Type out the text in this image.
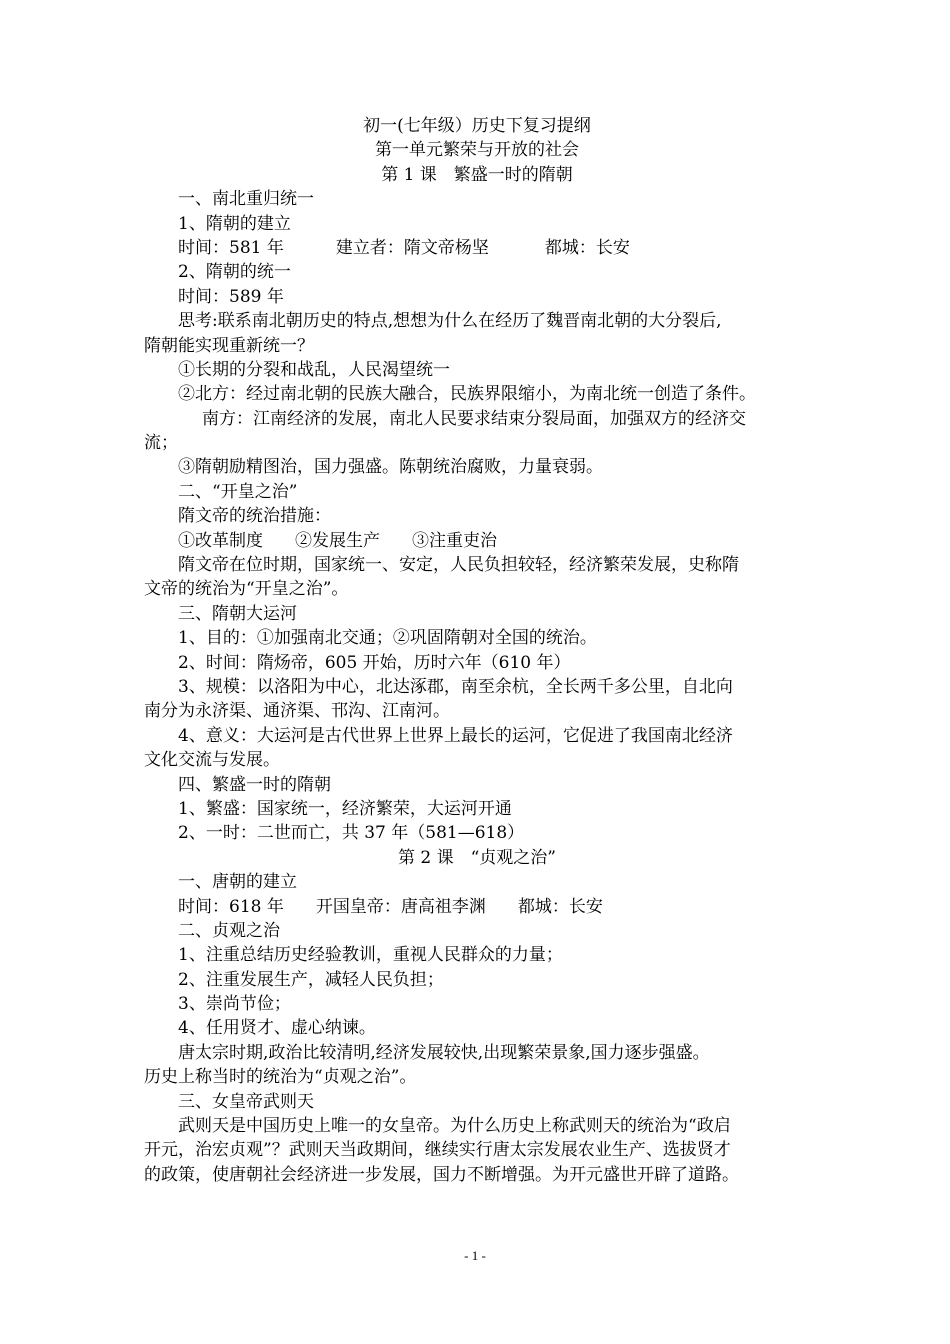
初一(七年级）历史下复习提纲
第一单元繁荣与开放的社会
第 1 课　繁盛一时的隋朝
一、南北重归统一
1、隋朝的建立
时间：581 年	建立者：隋文帝杨坚	都城：长安
2、隋朝的统一
时间：589 年
思考:联系南北朝历史的特点,想想为什么在经历了魏晋南北朝的大分裂后,
隋朝能实现重新统一？
①长期的分裂和战乱，人民渴望统一
②北方：经过南北朝的民族大融合，民族界限缩小，为南北统一创造了条件。
南方：江南经济的发展，南北人民要求结束分裂局面，加强双方的经济交
流；
③隋朝励精图治，国力强盛。陈朝统治腐败，力量衰弱。
二、“开皇之治”
隋文帝的统治措施：
①改革制度 ②发展生产 ③注重吏治
隋文帝在位时期，国家统一、安定，人民负担较轻，经济繁荣发展，史称隋
文帝的统治为“开皇之治”。
三、隋朝大运河
1、目的：①加强南北交通；②巩固隋朝对全国的统治。
2、时间：隋炀帝，605 开始，历时六年（610 年）
3、规模：以洛阳为中心，北达涿郡，南至余杭，全长两千多公里，自北向
南分为永济渠、通济渠、邗沟、江南河。
4、意义：大运河是古代世界上世界上最长的运河，它促进了我国南北经济
文化交流与发展。
四、繁盛一时的隋朝
1、繁盛：国家统一，经济繁荣，大运河开通
2、一时：二世而亡，共 37 年（581—618）
第 2 课　“贞观之治”
一、唐朝的建立
时间：618 年 开国皇帝：唐高祖李渊 都城：长安
二、贞观之治
1、注重总结历史经验教训，重视人民群众的力量；
2、注重发展生产，减轻人民负担；
3、崇尚节俭；
4、任用贤才、虚心纳谏。
唐太宗时期,政治比较清明,经济发展较快,出现繁荣景象,国力逐步强盛。
历史上称当时的统治为“贞观之治”。
三、女皇帝武则天
武则天是中国历史上唯一的女皇帝。为什么历史上称武则天的统治为“政启
开元，治宏贞观”？武则天当政期间，继续实行唐太宗发展农业生产、选拔贤才
的政策，使唐朝社会经济进一步发展，国力不断增强。为开元盛世开辟了道路。
- 1 -
